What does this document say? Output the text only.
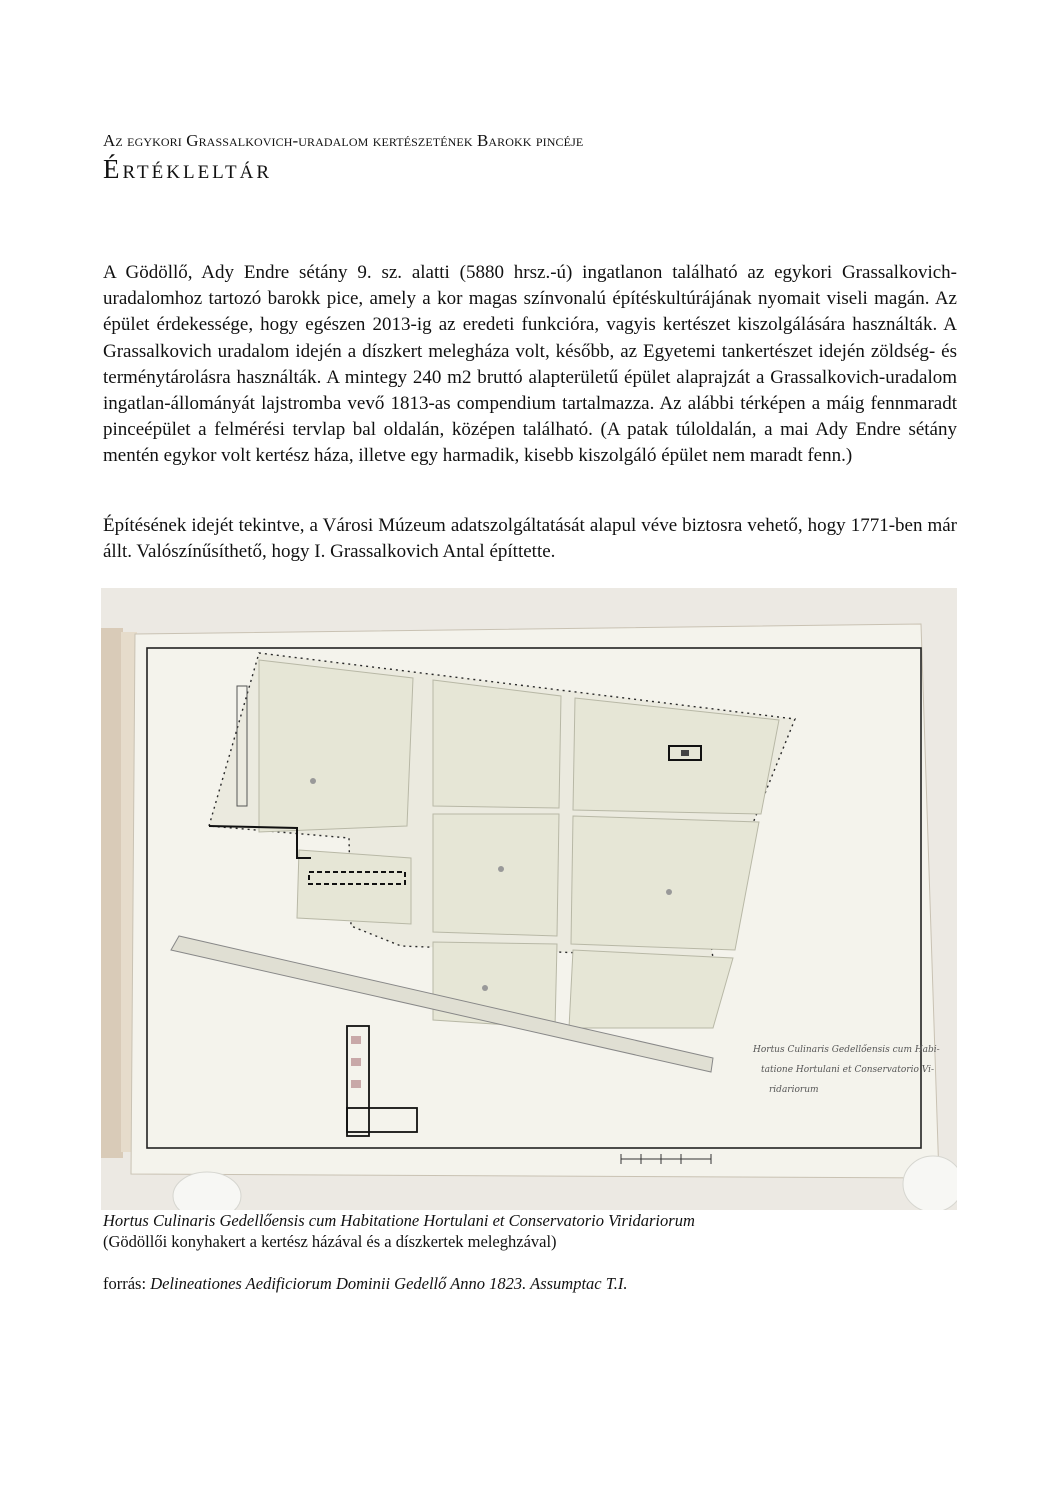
Az egykori Grassalkovich-uradalom kertészetének Barokk pincéje
Értékleltár

A Gödöllő, Ady Endre sétány 9. sz. alatti (5880 hrsz.-ú) ingatlanon található az egykori Grassalkovich-uradalomhoz tartozó barokk pice, amely a kor magas színvonalú építéskultúrájának nyomait viseli magán. Az épület érdekessége, hogy egészen 2013-ig az eredeti funkcióra, vagyis kertészet kiszolgálására használták. A Grassalkovich uradalom idején a díszkert melegháza volt, később, az Egyetemi tankertészet idején zöldség- és terménytárolásra használták. A mintegy 240 m2 bruttó alapterületű épület alaprajzát a Grassalkovich-uradalom ingatlan-állományát lajstromba vevő 1813-as compendium tartalmazza. Az alábbi térképen a máig fennmaradt pinceépület a felmérési tervlap bal oldalán, középen található. (A patak túloldalán, a mai Ady Endre sétány mentén egykor volt kertész háza, illetve egy harmadik, kisebb kiszolgáló épület nem maradt fenn.)

Építésének idejét tekintve, a Városi Múzeum adatszolgáltatását alapul véve biztosra vehető, hogy 1771-ben már állt. Valószínűsíthető, hogy I. Grassalkovich Antal építtette.

Hortus Culinaris Gedellőensis cum Habi-
tatione Hortulani et Conservatorio Vi-
ridariorum
Hortus Culinaris Gedellőensis cum Habitatione Hortulani et Conservatorio Viridariorum
(Gödöllői konyhakert a kertész házával és a díszkertek meleghzával)
forrás: Delineationes Aedificiorum Dominii Gedellő Anno 1823. Assumptac T.I.
